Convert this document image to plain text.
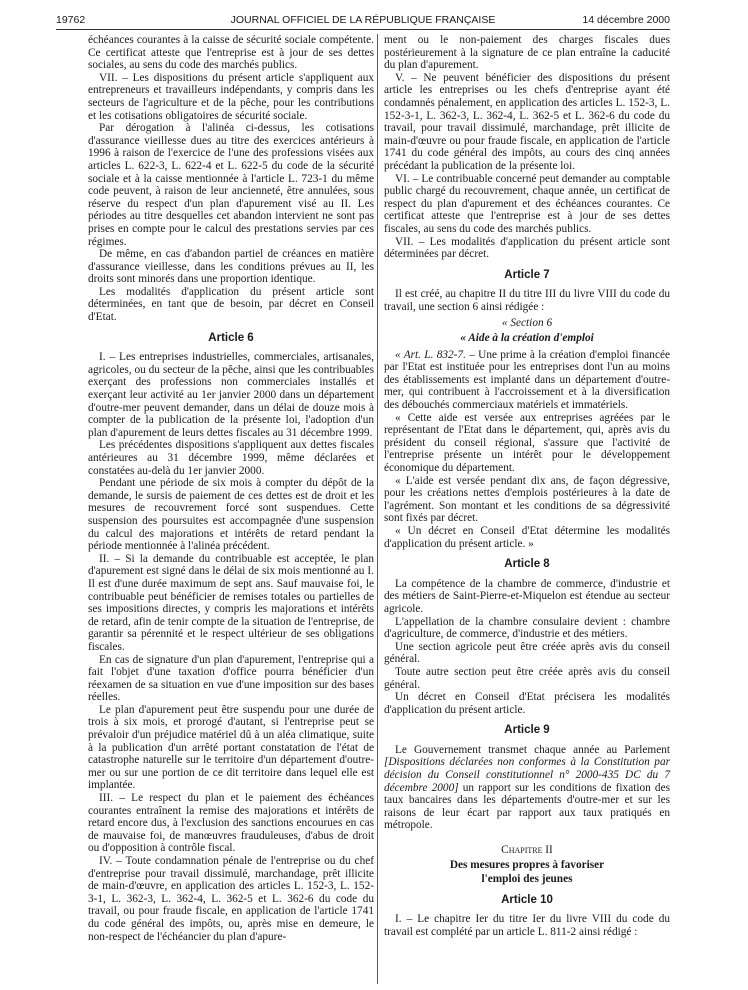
19762	JOURNAL OFFICIEL DE LA RÉPUBLIQUE FRANÇAISE	14 décembre 2000

échéances courantes à la caisse de sécurité sociale compétente. Ce certificat atteste que l'entreprise est à jour de ses dettes sociales, au sens du code des marchés publics.

VII. – Les dispositions du présent article s'appliquent aux entrepreneurs et travailleurs indépendants, y compris dans les secteurs de l'agriculture et de la pêche, pour les contributions et les cotisations obligatoires de sécurité sociale.

Par dérogation à l'alinéa ci-dessus, les cotisations d'assurance vieillesse dues au titre des exercices antérieurs à 1996 à raison de l'exercice de l'une des professions visées aux articles L. 622-3, L. 622-4 et L. 622-5 du code de la sécurité sociale et à la caisse mentionnée à l'article L. 723-1 du même code peuvent, à raison de leur ancienneté, être annulées, sous réserve du respect d'un plan d'apurement visé au II. Les périodes au titre desquelles cet abandon intervient ne sont pas prises en compte pour le calcul des prestations servies par ces régimes.

De même, en cas d'abandon partiel de créances en matière d'assurance vieillesse, dans les conditions prévues au II, les droits sont minorés dans une proportion identique.

Les modalités d'application du présent article sont déterminées, en tant que de besoin, par décret en Conseil d'Etat.

Article 6

I. – Les entreprises industrielles, commerciales, artisanales, agricoles, ou du secteur de la pêche, ainsi que les contribuables exerçant des professions non commerciales installés et exerçant leur activité au 1er janvier 2000 dans un département d'outre-mer peuvent demander, dans un délai de douze mois à compter de la publication de la présente loi, l'adoption d'un plan d'apurement de leurs dettes fiscales au 31 décembre 1999.

Les précédentes dispositions s'appliquent aux dettes fiscales antérieures au 31 décembre 1999, même déclarées et constatées au-delà du 1er janvier 2000.

Pendant une période de six mois à compter du dépôt de la demande, le sursis de paiement de ces dettes est de droit et les mesures de recouvrement forcé sont suspendues. Cette suspension des poursuites est accompagnée d'une suspension du calcul des majorations et intérêts de retard pendant la période mentionnée à l'alinéa précédent.

II. – Si la demande du contribuable est acceptée, le plan d'apurement est signé dans le délai de six mois mentionné au I. Il est d'une durée maximum de sept ans. Sauf mauvaise foi, le contribuable peut bénéficier de remises totales ou partielles de ses impositions directes, y compris les majorations et intérêts de retard, afin de tenir compte de la situation de l'entreprise, de garantir sa pérennité et le respect ultérieur de ses obligations fiscales.

En cas de signature d'un plan d'apurement, l'entreprise qui a fait l'objet d'une taxation d'office pourra bénéficier d'un réexamen de sa situation en vue d'une imposition sur des bases réelles.

Le plan d'apurement peut être suspendu pour une durée de trois à six mois, et prorogé d'autant, si l'entreprise peut se prévaloir d'un préjudice matériel dû à un aléa climatique, suite à la publication d'un arrêté portant constatation de l'état de catastrophe naturelle sur le territoire d'un département d'outre-mer ou sur une portion de ce dit territoire dans lequel elle est implantée.

III. – Le respect du plan et le paiement des échéances courantes entraînent la remise des majorations et intérêts de retard encore dus, à l'exclusion des sanctions encourues en cas de mauvaise foi, de manœuvres frauduleuses, d'abus de droit ou d'opposition à contrôle fiscal.

IV. – Toute condamnation pénale de l'entreprise ou du chef d'entreprise pour travail dissimulé, marchandage, prêt illicite de main-d'œuvre, en application des articles L. 152-3, L. 152-3-1, L. 362-3, L. 362-4, L. 362-5 et L. 362-6 du code du travail, ou pour fraude fiscale, en application de l'article 1741 du code général des impôts, ou, après mise en demeure, le non-respect de l'échéancier du plan d'apure-

ment ou le non-paiement des charges fiscales dues postérieurement à la signature de ce plan entraîne la caducité du plan d'apurement.

V. – Ne peuvent bénéficier des dispositions du présent article les entreprises ou les chefs d'entreprise ayant été condamnés pénalement, en application des articles L. 152-3, L. 152-3-1, L. 362-3, L. 362-4, L. 362-5 et L. 362-6 du code du travail, pour travail dissimulé, marchandage, prêt illicite de main-d'œuvre ou pour fraude fiscale, en application de l'article 1741 du code général des impôts, au cours des cinq années précédant la publication de la présente loi.

VI. – Le contribuable concerné peut demander au comptable public chargé du recouvrement, chaque année, un certificat de respect du plan d'apurement et des échéances courantes. Ce certificat atteste que l'entreprise est à jour de ses dettes fiscales, au sens du code des marchés publics.

VII. – Les modalités d'application du présent article sont déterminées par décret.

Article 7

Il est créé, au chapitre II du titre III du livre VIII du code du travail, une section 6 ainsi rédigée :

« Section 6
« Aide à la création d'emploi

« Art. L. 832-7. – Une prime à la création d'emploi financée par l'Etat est instituée pour les entreprises dont l'un au moins des établissements est implanté dans un département d'outre-mer, qui contribuent à l'accroissement et à la diversification des débouchés commerciaux matériels et immatériels.

« Cette aide est versée aux entreprises agréées par le représentant de l'Etat dans le département, qui, après avis du président du conseil régional, s'assure que l'activité de l'entreprise présente un intérêt pour le développement économique du département.

« L'aide est versée pendant dix ans, de façon dégressive, pour les créations nettes d'emplois postérieures à la date de l'agrément. Son montant et les conditions de sa dégressivité sont fixés par décret.

« Un décret en Conseil d'Etat détermine les modalités d'application du présent article. »

Article 8

La compétence de la chambre de commerce, d'industrie et des métiers de Saint-Pierre-et-Miquelon est étendue au secteur agricole.

L'appellation de la chambre consulaire devient : chambre d'agriculture, de commerce, d'industrie et des métiers.

Une section agricole peut être créée après avis du conseil général.

Toute autre section peut être créée après avis du conseil général.

Un décret en Conseil d'Etat précisera les modalités d'application du présent article.

Article 9

Le Gouvernement transmet chaque année au Parlement [Dispositions déclarées non conformes à la Constitution par décision du Conseil constitutionnel n° 2000-435 DC du 7 décembre 2000] un rapport sur les conditions de fixation des taux bancaires dans les départements d'outre-mer et sur les raisons de leur écart par rapport aux taux pratiqués en métropole.

Chapitre II
Des mesures propres à favoriser
l'emploi des jeunes
Article 10

I. – Le chapitre Ier du titre Ier du livre VIII du code du travail est complété par un article L. 811-2 ainsi rédigé :
